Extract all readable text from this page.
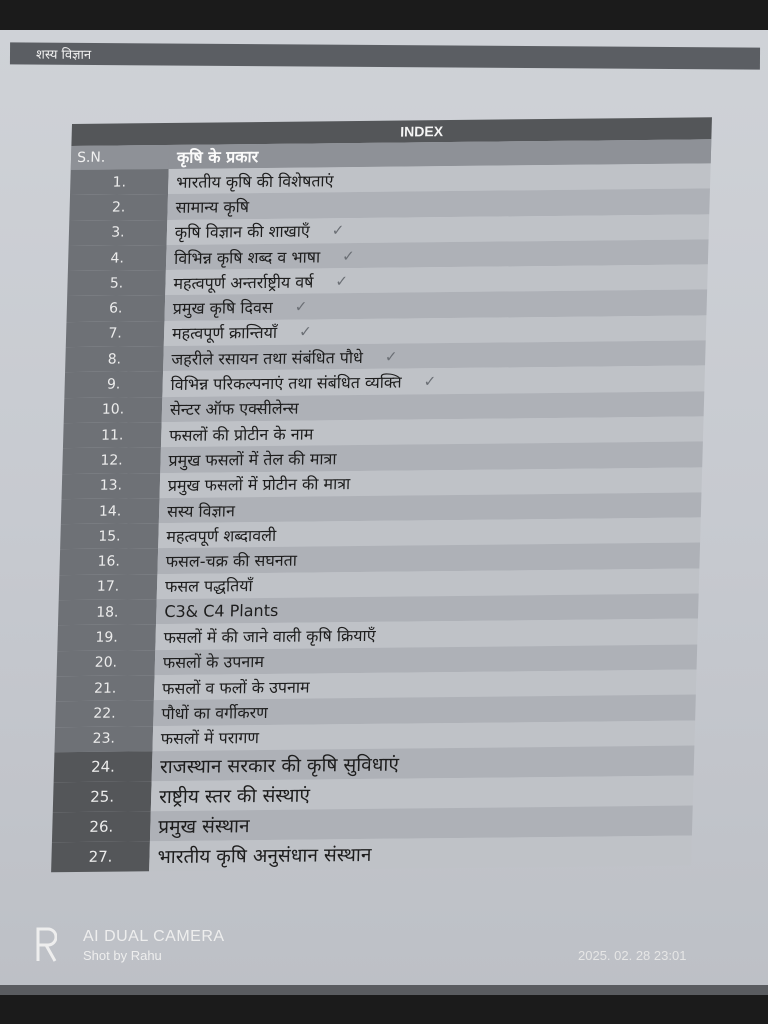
शस्य विज्ञान
INDEX
S.N.	कृषि के प्रकार
1.	भारतीय कृषि की विशेषताएं
2.	सामान्य कृषि
3.	कृषि विज्ञान की शाखाएँ ✓
4.	विभिन्न कृषि शब्द व भाषा ✓
5.	महत्वपूर्ण अन्तर्राष्ट्रीय वर्ष ✓
6.	प्रमुख कृषि दिवस ✓
7.	महत्वपूर्ण क्रान्तियाँ ✓
8.	जहरीले रसायन तथा संबंधित पौधे ✓
9.	विभिन्न परिकल्पनाएं तथा संबंधित व्यक्ति ✓
10.	सेन्टर ऑफ एक्सीलेन्स
11.	फसलों की प्रोटीन के नाम
12.	प्रमुख फसलों में तेल की मात्रा
13.	प्रमुख फसलों में प्रोटीन की मात्रा
14.	सस्य विज्ञान
15.	महत्वपूर्ण शब्दावली
16.	फसल-चक्र की सघनता
17.	फसल पद्धतियाँ
18.	C3& C4 Plants
19.	फसलों में की जाने वाली कृषि क्रियाएँ
20.	फसलों के उपनाम
21.	फसलों व फलों के उपनाम
22.	पौधों का वर्गीकरण
23.	फसलों में परागण
24.	राजस्थान सरकार की कृषि सुविधाएं
25.	राष्ट्रीय स्तर की संस्थाएं
26.	प्रमुख संस्थान
27.	भारतीय कृषि अनुसंधान संस्थान
AI DUAL CAMERA
Shot by Rahu	2025. 02. 28 23:01
